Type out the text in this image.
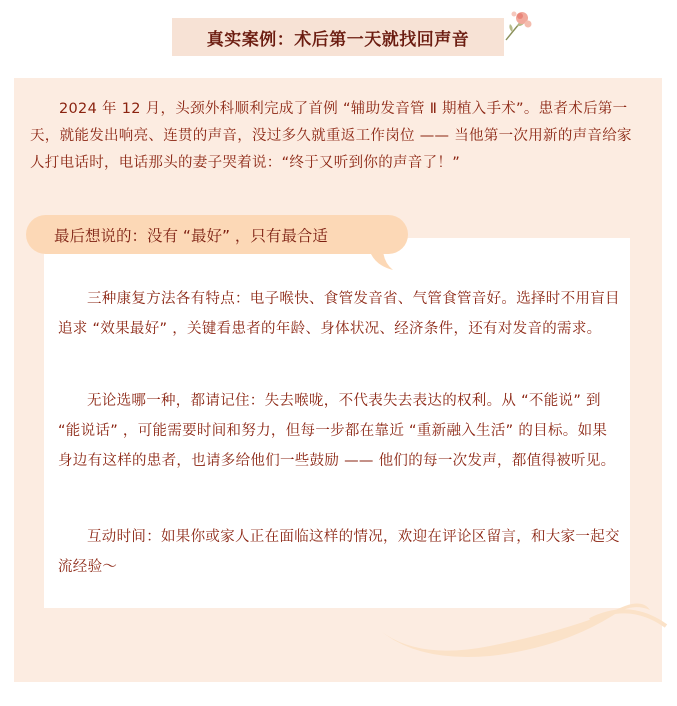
真实案例：术后第一天就找回声音

2024 年 12 月，头颈外科顺利完成了首例 “辅助发音管 Ⅱ 期植入手术”。患者术后第一天，就能发出响亮、连贯的声音，没过多久就重返工作岗位 —— 当他第一次用新的声音给家人打电话时，电话那头的妻子哭着说：“终于又听到你的声音了！”

最后想说的：没有 “最好” ，只有最合适

三种康复方法各有特点：电子喉快、食管发音省、气管食管音好。选择时不用盲目追求 “效果最好” ，关键看患者的年龄、身体状况、经济条件，还有对发音的需求。

无论选哪一种，都请记住：失去喉咙，不代表失去表达的权利。从 “不能说” 到 “能说话” ，可能需要时间和努力，但每一步都在靠近 “重新融入生活” 的目标。如果身边有这样的患者，也请多给他们一些鼓励 —— 他们的每一次发声，都值得被听见。

互动时间：如果你或家人正在面临这样的情况，欢迎在评论区留言，和大家一起交流经验～
